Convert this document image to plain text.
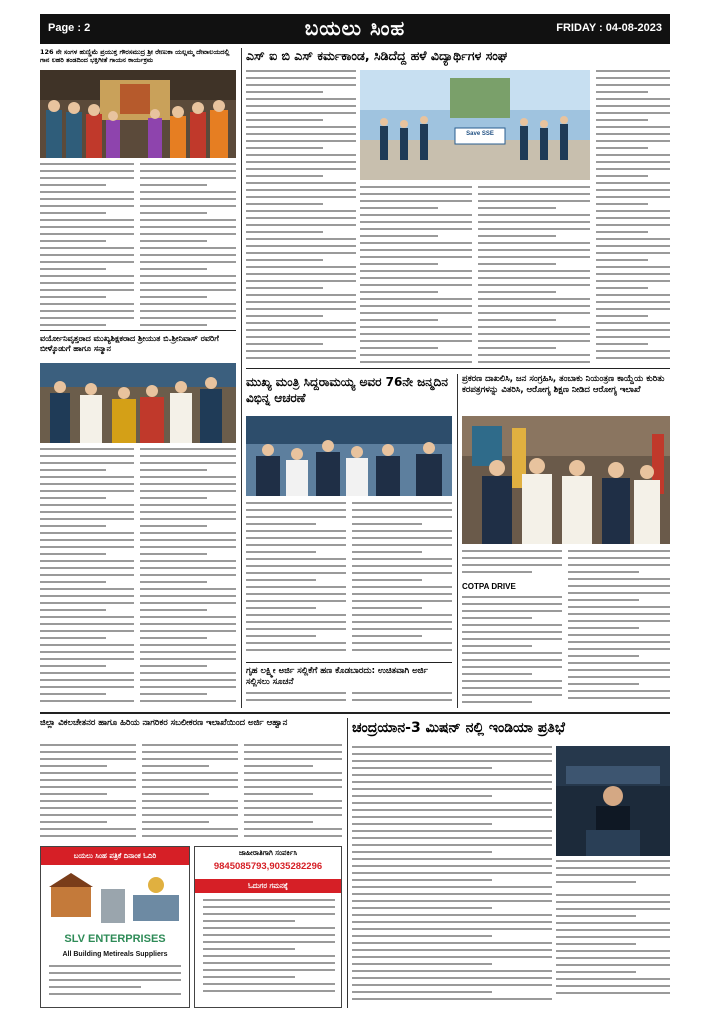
Page : 2	ಬಯಲು ಸಿಂಹ	FRIDAY : 04-08-2023
126 ನೇ ಸಂಗಳ ಹುಣ್ಣಿಮೆ ಪ್ರಯುಕ್ತ ಗೌರಸಮುದ್ರ ಶ್ರೀ ರೇಣುಕಾ ಯಲ್ಲಮ್ಮ ದೇವಾಲಯದಲ್ಲಿ ಗಾನ ಲಹರಿ ತಂಡದಿಂದ ಭಕ್ತಿಗೀತೆ ಗಾಯನ ಕಾರ್ಯಕ್ರಮ
ವರ್ಯೋನಿವೃತ್ತರಾದ ಮುಖ್ಯಶಿಕ್ಷಕರಾದ ಶ್ರೀಯುತ ಬಿ.ಶ್ರೀನಿವಾಸ್ ರವರಿಗೆ ಬೀಳ್ಕೊಡುಗೆ ಹಾಗೂ ಸನ್ಮಾನ
ಎಸ್ ಐ ಬಿ ಎಸ್ ಕರ್ಮಕಾಂಡ, ಸಿಡಿದೆದ್ದ ಹಳೆ ವಿದ್ಯಾರ್ಥಿಗಳ ಸಂಘ
Save SSE
ಮುಖ್ಯ ಮಂತ್ರಿ ಸಿದ್ದರಾಮಯ್ಯ ಅವರ 76ನೇ ಜನ್ಮದಿನ ವಿಭಿನ್ನ ಆಚರಣೆ
ಗೃಹ ಲಕ್ಷ್ಮೀ ಅರ್ಜಿ ಸಲ್ಲಿಕೆಗೆ ಹಣ ಕೊಡಬಾರದು: ಉಚಿತವಾಗಿ ಅರ್ಜಿ ಸಲ್ಲಿಸಲು ಸೂಚನೆ
ಪ್ರಕರಣ ದಾಖಲಿಸಿ, ಜನ ಸಂಗ್ರಹಿಸಿ, ತಂಬಾಕು ನಿಯಂತ್ರಣ ಕಾಯ್ದೆಯ ಕುರಿತು ಕರಪತ್ರಗಳನ್ನು ವಿತರಿಸಿ, ಆರೋಗ್ಯ ಶಿಕ್ಷಣ ನೀಡಿದ ಆರೋಗ್ಯ ಇಲಾಖೆ
COTPA DRIVE
ಜಿಲ್ಲಾ ವಿಕಲಚೇತನರ ಹಾಗೂ ಹಿರಿಯ ನಾಗರಿಕರ ಸಬಲೀಕರಣ ಇಲಾಖೆಯಿಂದ ಅರ್ಜಿ ಆಹ್ವಾನ
ಬಯಲು ಸಿಂಹ ಪತ್ರಿಕೆ ದಿನಾಂಕ ಓದಿರಿ
SLV ENTERPRISES
All Building Metireals Suppliers
ಜಾಹೀರಾತಿಗಾಗಿ ಸಂಪರ್ಕಿಸಿ
9845085793,9035282296
ಓದುಗರ ಗಮನಕ್ಕೆ
ಚಂದ್ರಯಾನ-3 ಮಿಷನ್ ನಲ್ಲಿ ಇಂಡಿಯಾ ಪ್ರತಿಭೆ
